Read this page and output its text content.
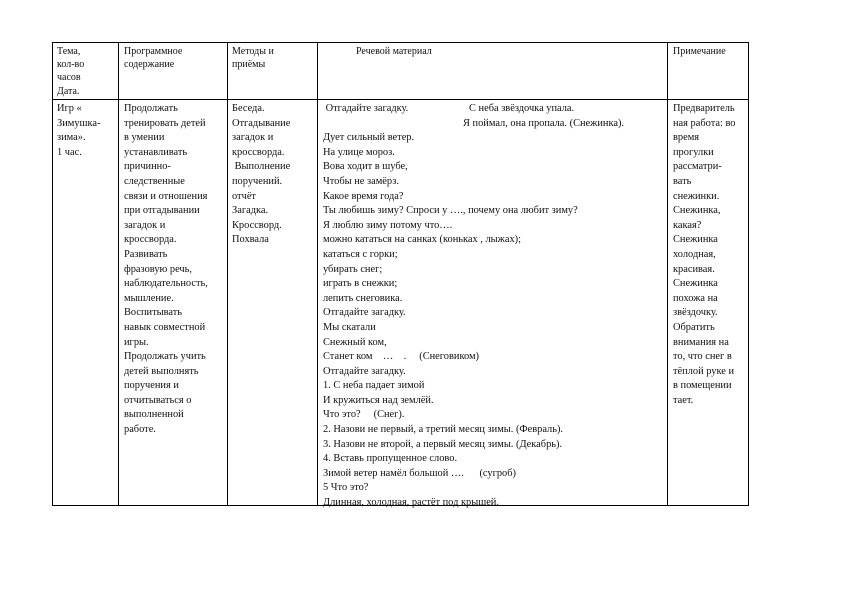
Тема,
кол-во
часов
Дата.
Программное
содержание
Методы и
приёмы
Речевой материал	Примечание
Игр «
Зимушка-
зима».
1 час.
Продолжать
тренировать детей
в умении
устанавливать
причинно-
следственные
связи и отношения
при отгадывании
загадок и
кроссворда.
Развивать
фразовую речь,
наблюдательность,
мышление.
Воспитывать
навык совместной
игры.
Продолжать учить
детей выполнять
поручения и
отчитываться о
выполненной
работе.
Беседа.
Отгадывание
загадок и
кроссворда.
Выполнение
поручений.
отчёт
Загадка.
Кроссворд.
Похвала
Отгадайте загадку.	С неба звёздочка упала.
Я поймал, она пропала. (Снежинка).
Дует сильный ветер.
На улице мороз.
Вова ходит в шубе,
Чтобы не замёрз.
Какое время года?
Ты любишь зиму? Спроси у …., почему она любит зиму?
Я люблю зиму потому что….
можно кататься на санках (коньках , лыжах);
кататься с горки;
убирать снег;
играть в снежки;
лепить снеговика.
Отгадайте загадку.
Мы скатали
Снежный ком,
Станет ком    …    .     (Снеговиком)
Отгадайте загадку.
1. С неба падает зимой
И кружиться над землёй.
Что это?     (Снег).
2. Назови не первый, а третий месяц зимы. (Февраль).
3. Назови не второй, а первый месяц зимы. (Декабрь).
4. Вставь пропущенное слово.
Зимой ветер намёл большой ….      (сугроб)
5 Что это?
Длинная, холодная, растёт под крышей.
Предваритель
ная работа: во
время
прогулки
рассматри-
вать
снежинки.
Снежинка,
какая?
Снежинка
холодная,
красивая.
Снежинка
похожа на
звёздочку.
Обратить
внимания на
то, что снег в
тёплой руке и
в помещении
тает.
